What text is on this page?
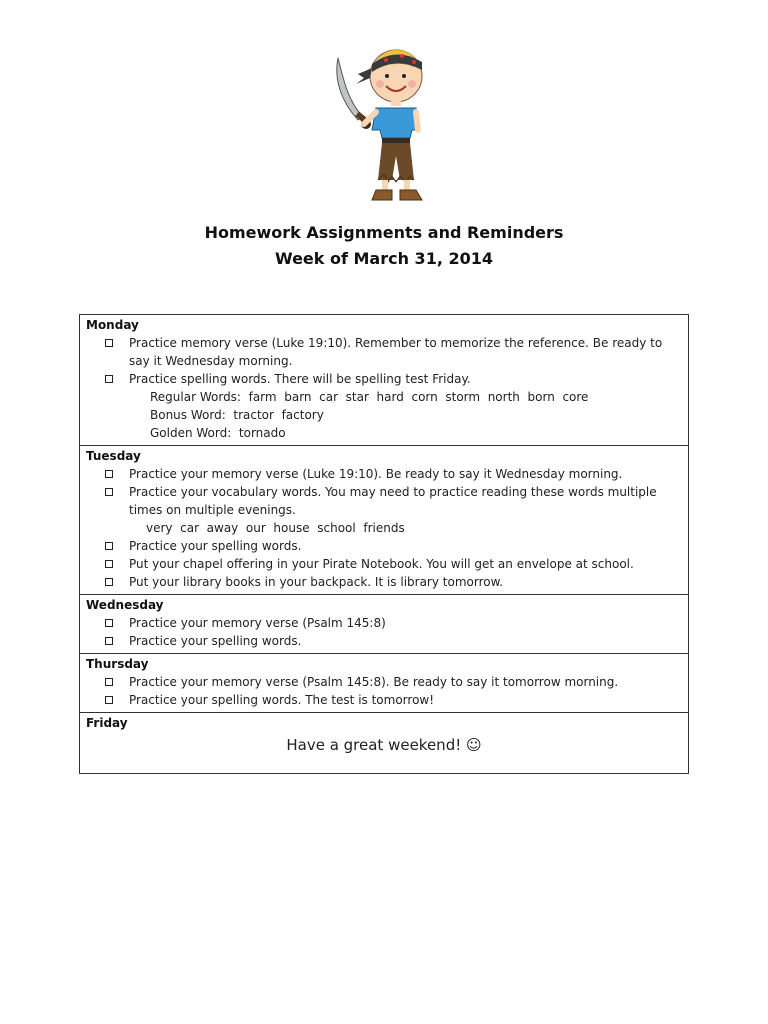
Homework Assignments and Reminders
Week of March 31, 2014
Monday
Practice memory verse (Luke 19:10). Remember to memorize the reference. Be ready to say it Wednesday morning.
Practice spelling words. There will be spelling test Friday.
Regular Words:  farm  barn  car  star  hard  corn  storm  north  born  core
Bonus Word:  tractor  factory
Golden Word:  tornado
Tuesday
Practice your memory verse (Luke 19:10). Be ready to say it Wednesday morning.
Practice your vocabulary words. You may need to practice reading these words multiple times on multiple evenings.
very  car  away  our  house  school  friends
Practice your spelling words.
Put your chapel offering in your Pirate Notebook. You will get an envelope at school.
Put your library books in your backpack. It is library tomorrow.
Wednesday
Practice your memory verse (Psalm 145:8)
Practice your spelling words.
Thursday
Practice your memory verse (Psalm 145:8). Be ready to say it tomorrow morning.
Practice your spelling words. The test is tomorrow!
Friday
Have a great weekend! ☺
